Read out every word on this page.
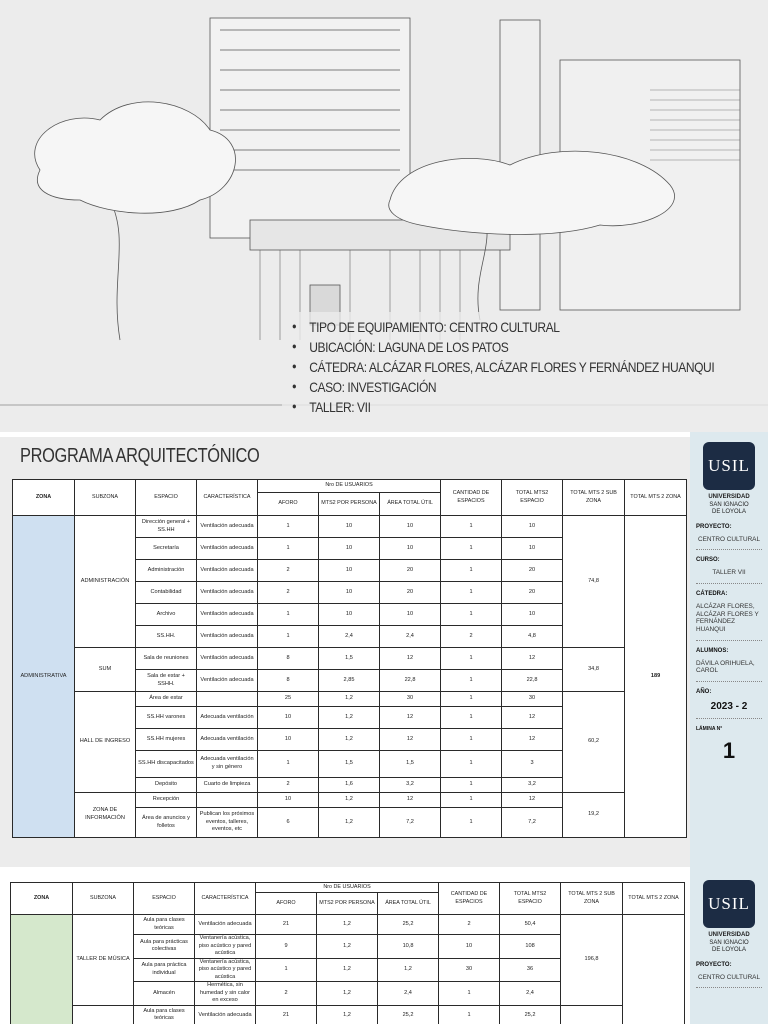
● TIPO DE EQUIPAMIENTO: CENTRO CULTURAL
● UBICACIÓN: LAGUNA DE LOS PATOS
● CÁTEDRA: ALCÁZAR FLORES, ALCÁZAR FLORES Y FERNÁNDEZ HUANQUI
● CASO: INVESTIGACIÓN
● TALLER: VII
PROGRAMA ARQUITECTÓNICO
ZONA	SUBZONA	ESPACIO	CARACTERÍSTICA	Nro DE USUARIOS			CANTIDAD DE ESPACIOS	TOTAL MTS2 ESPACIO	TOTAL MTS 2 SUB ZONA	TOTAL MTS 2 ZONA
				AFORO	MTS2 POR PERSONA	ÁREA TOTAL ÚTIL				
ADMINISTRATIVA	ADMINISTRACIÓN	Dirección general + SS.HH	Ventilación adecuada	1	10	10	1	10	74,8	189
		Secretaría	Ventilación adecuada	1	10	10	1	10		
		Administración	Ventilación adecuada	2	10	20	1	20		
		Contabilidad	Ventilación adecuada	2	10	20	1	20		
		Archivo	Ventilación adecuada	1	10	10	1	10		
		SS.HH.	Ventilación adecuada	1	2,4	2,4	2	4,8		
	SUM	Sala de reuniones	Ventilación adecuada	8	1,5	12	1	12	34,8	
		Sala de estar + SSHH.	Ventilación adecuada	8	2,85	22,8	1	22,8		
	HALL DE INGRESO	Área de estar		25	1,2	30	1	30	60,2	
		SS.HH varones	Adecuada ventilación	10	1,2	12	1	12		
		SS.HH mujeres	Adecuada ventilación	10	1,2	12	1	12		
		SS.HH discapacitados	Adecuada ventilación y sin género	1	1,5	1,5	1	3		
		Depósito	Cuarto de limpieza	2	1,6	3,2	1	3,2		
	ZONA DE INFORMACIÓN	Recepción		10	1,2	12	1	12	19,2	
		Área de anuncios y folletos	Publican los próximos eventos, talleres, eventos, etc	6	1,2	7,2	1	7,2		
ZONA	SUBZONA	ESPACIO	CARACTERÍSTICA	Nro DE USUARIOS			CANTIDAD DE ESPACIOS	TOTAL MTS2 ESPACIO	TOTAL MTS 2 SUB ZONA	TOTAL MTS 2 ZONA
				AFORO	MTS2 POR PERSONA	ÁREA TOTAL ÚTIL				
	TALLER DE MÚSICA	Aula para clases teóricas	Ventilación adecuada	21	1,2	25,2	2	50,4	196,8	
		Aula para prácticas colectivas	Ventanería acústica, piso acústico y pared acústica	9	1,2	10,8	10	108		
		Aula para práctica individual	Ventanería acústica, piso acústico y pared acústica	1	1,2	1,2	30	36		
		Almacén	Hermética, sin humedad y sin calor en exceso	2	1,2	2,4	1	2,4		
		Aula para clases teóricas	Ventilación adecuada	21	1,2	25,2	1	25,2		
USIL
UNIVERSIDAD
SAN IGNACIO
DE LOYOLA
PROYECTO:
CENTRO CULTURAL
CURSO:
TALLER VII
CÁTEDRA:
ALCÁZAR FLORES, ALCÁZAR FLORES Y FERNÁNDEZ HUANQUI
ALUMNOS:
DÁVILA ORIHUELA, CAROL
AÑO:
2023 - 2
LÁMINA N°
1
USIL
UNIVERSIDAD
SAN IGNACIO
DE LOYOLA
PROYECTO:
CENTRO CULTURAL
